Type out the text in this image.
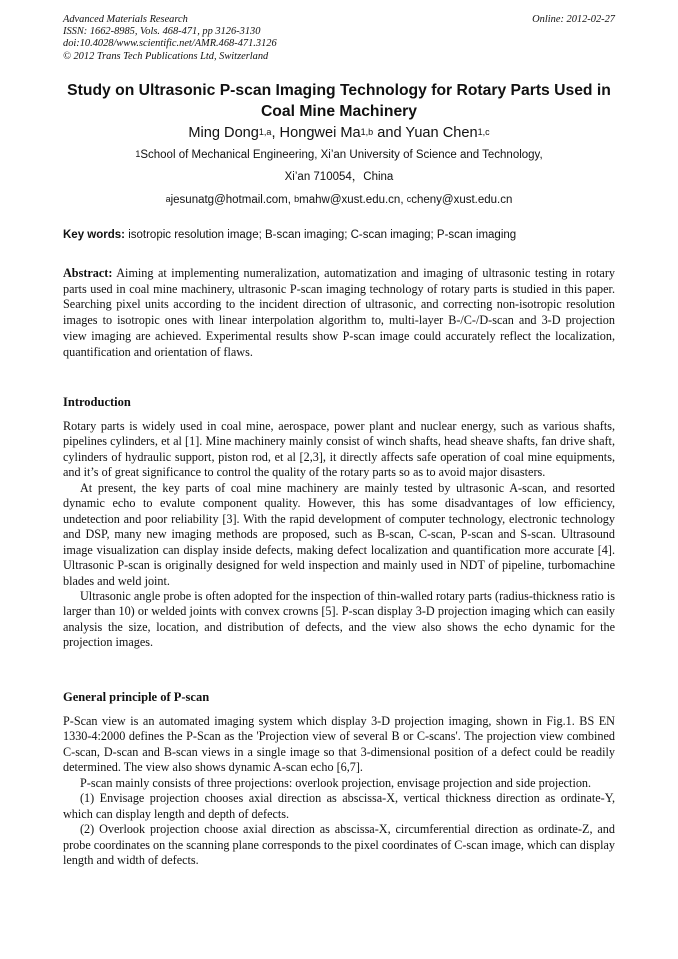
Advanced Materials Research
ISSN: 1662-8985, Vols. 468-471, pp 3126-3130
doi:10.4028/www.scientific.net/AMR.468-471.3126
© 2012 Trans Tech Publications Ltd, Switzerland
Online: 2012-02-27
Study on Ultrasonic P-scan Imaging Technology for Rotary Parts Used in Coal Mine Machinery
Ming Dong$^{1,a}$, Hongwei Ma$^{1,b}$ and Yuan Chen$^{1,c}$
$^1$School of Mechanical Engineering, Xi’an University of Science and Technology,
Xi’an 710054，China
$^a$jesunatg@hotmail.com, $^b$mahw@xust.edu.cn, $^c$cheny@xust.edu.cn
Key words: isotropic resolution image; B-scan imaging; C-scan imaging; P-scan imaging
Abstract: Aiming at implementing numeralization, automatization and imaging of ultrasonic testing in rotary parts used in coal mine machinery, ultrasonic P-scan imaging technology of rotary parts is studied in this paper. Searching pixel units according to the incident direction of ultrasonic, and correcting non-isotropic resolution images to isotropic ones with linear interpolation algorithm to, multi-layer B-/C-/D-scan and 3-D projection view imaging are achieved. Experimental results show P-scan image could accurately reflect the localization, quantification and orientation of flaws.
Introduction

Rotary parts is widely used in coal mine, aerospace, power plant and nuclear energy, such as various shafts, pipelines cylinders, et al [1]. Mine machinery mainly consist of winch shafts, head sheave shafts, fan drive shaft, cylinders of hydraulic support, piston rod, et al [2,3], it directly affects safe operation of coal mine equipments, and it’s of great significance to control the quality of the rotary parts so as to avoid major disasters.

At present, the key parts of coal mine machinery are mainly tested by ultrasonic A-scan, and resorted dynamic echo to evalute component quality. However, this has some disadvantages of low efficiency, undetection and poor reliability [3]. With the rapid development of computer technology, electronic technology and DSP, many new imaging methods are proposed, such as B-scan, C-scan, P-scan and S-scan. Ultrasound image visualization can display inside defects, making defect localization and quantification more accurate [4]. Ultrasonic P-scan is originally designed for weld inspection and mainly used in NDT of pipeline, turbomachine blades and weld joint.

Ultrasonic angle probe is often adopted for the inspection of thin-walled rotary parts (radius-thickness ratio is larger than 10) or welded joints with convex crowns [5]. P-scan display 3-D projection imaging which can easily analysis the size, location, and distribution of defects, and the view also shows the echo dynamic for the projection images.

General principle of P-scan

P-Scan view is an automated imaging system which display 3-D projection imaging, shown in Fig.1. BS EN 1330-4:2000 defines the P-Scan as the 'Projection view of several B or C-scans'. The projection view combined C-scan, D-scan and B-scan views in a single image so that 3-dimensional position of a defect could be readily determined. The view also shows dynamic A-scan echo [6,7].

P-scan mainly consists of three projections: overlook projection, envisage projection and side projection.

(1) Envisage projection chooses axial direction as abscissa-X, vertical thickness direction as ordinate-Y, which can display length and depth of defects.

(2) Overlook projection choose axial direction as abscissa-X, circumferential direction as ordinate-Z, and probe coordinates on the scanning plane corresponds to the pixel coordinates of C-scan image, which can display length and width of defects.
